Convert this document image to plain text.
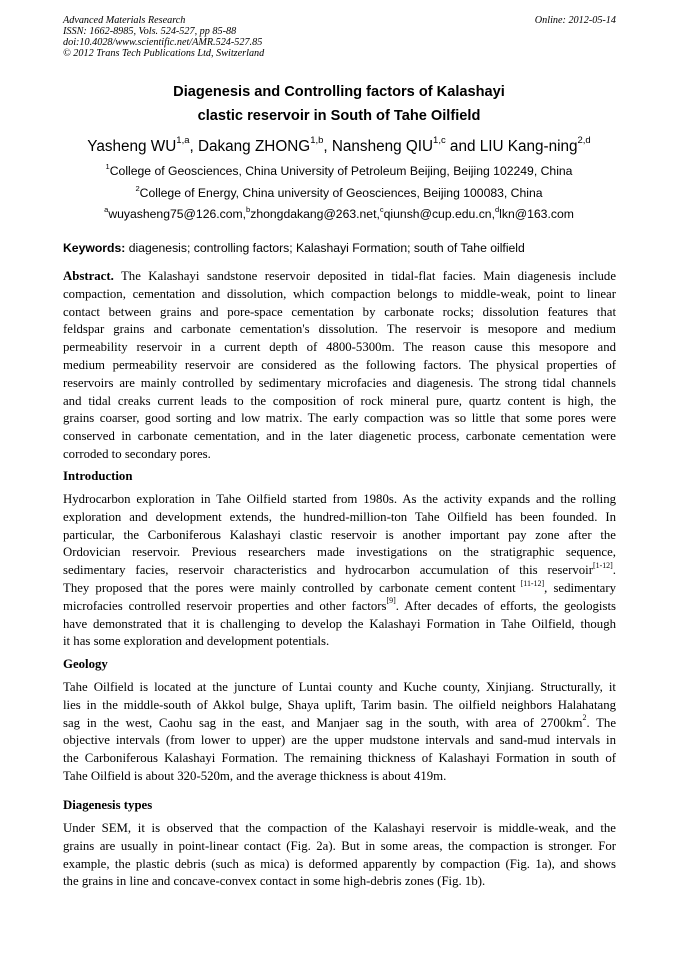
Advanced Materials Research
ISSN: 1662-8985, Vols. 524-527, pp 85-88
doi:10.4028/www.scientific.net/AMR.524-527.85
© 2012 Trans Tech Publications Ltd, Switzerland
Online: 2012-05-14
Diagenesis and Controlling factors of Kalashayi
clastic reservoir in South of Tahe Oilfield
Yasheng WU$^{1,a}$, Dakang ZHONG$^{1,b}$, Nansheng QIU$^{1,c}$ and LIU Kang-ning$^{2,d}$
$^1$College of Geosciences, China University of Petroleum Beijing, Beijing 102249, China
$^2$College of Energy, China university of Geosciences, Beijing 100083, China
$^a$wuyasheng75@126.com,$^b$zhongdakang@263.net,$^c$qiunsh@cup.edu.cn,$^d$lkn@163.com
Keywords: diagenesis; controlling factors; Kalashayi Formation; south of Tahe oilfield
Abstract. The Kalashayi sandstone reservoir deposited in tidal-flat facies. Main diagenesis include
compaction, cementation and dissolution, which compaction belongs to middle-weak, point to linear
contact between grains and pore-space cementation by carbonate rocks; dissolution features that
feldspar grains and carbonate cementation's dissolution. The reservoir is mesopore and medium
permeability reservoir in a current depth of 4800-5300m. The reason cause this mesopore and
medium permeability reservoir are considered as the following factors. The physical properties of
reservoirs are mainly controlled by sedimentary microfacies and diagenesis. The strong tidal channels
and tidal creaks current leads to the composition of rock mineral pure, quartz content is high, the
grains coarser, good sorting and low matrix. The early compaction was so little that some pores were
conserved in carbonate cementation, and in the later diagenetic process, carbonate cementation were
corroded to secondary pores.
Introduction
Hydrocarbon exploration in Tahe Oilfield started from 1980s. As the activity expands and the rolling
exploration and development extends, the hundred-million-ton Tahe Oilfield has been founded. In
particular, the Carboniferous Kalashayi clastic reservoir is another important pay zone after the
Ordovician reservoir. Previous researchers made investigations on the stratigraphic sequence,
sedimentary facies, reservoir characteristics and hydrocarbon accumulation of this reservoir[1-12].
They proposed that the pores were mainly controlled by carbonate cement content [11-12], sedimentary
microfacies controlled reservoir properties and other factors[9]. After decades of efforts, the geologists
have demonstrated that it is challenging to develop the Kalashayi Formation in Tahe Oilfield, though
it has some exploration and development potentials.
Geology
Tahe Oilfield is located at the juncture of Luntai county and Kuche county, Xinjiang. Structurally, it
lies in the middle-south of Akkol bulge, Shaya uplift, Tarim basin. The oilfield neighbors Halahatang
sag in the west, Caohu sag in the east, and Manjaer sag in the south, with area of $2700km^2$. The
objective intervals (from lower to upper) are the upper mudstone intervals and sand-mud intervals in
the Carboniferous Kalashayi Formation. The remaining thickness of Kalashayi Formation in south of
Tahe Oilfield is about 320-520m, and the average thickness is about 419m.
Diagenesis types
Under SEM, it is observed that the compaction of the Kalashayi reservoir is middle-weak, and the
grains are usually in point-linear contact (Fig. 2a). But in some areas, the compaction is stronger. For
example, the plastic debris (such as mica) is deformed apparently by compaction (Fig. 1a), and shows
the grains in line and concave-convex contact in some high-debris zones (Fig. 1b).
